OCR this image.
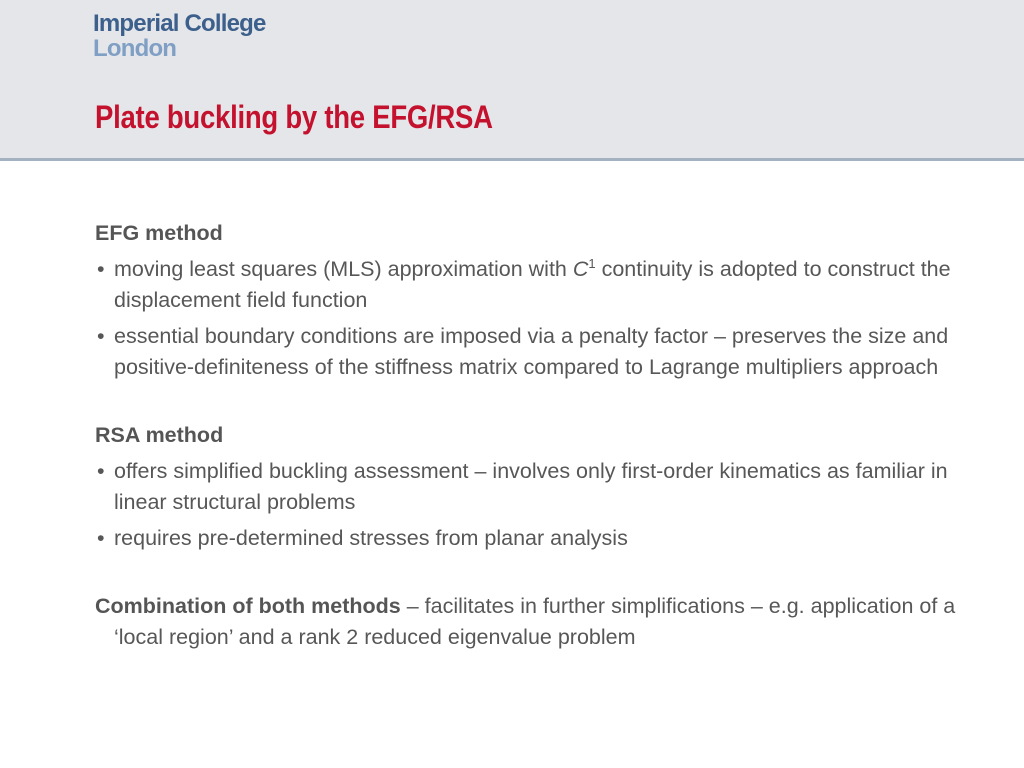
Imperial College
London
Plate buckling by the EFG/RSA
EFG method
• moving least squares (MLS) approximation with $C^1$ continuity is adopted to construct the displacement field function
• essential boundary conditions are imposed via a penalty factor – preserves the size and positive-definiteness of the stiffness matrix compared to Lagrange multipliers approach
RSA method
• offers simplified buckling assessment – involves only first-order kinematics as familiar in linear structural problems
• requires pre-determined stresses from planar analysis
Combination of both methods – facilitates in further simplifications – e.g. application of a ‘local region’ and a rank 2 reduced eigenvalue problem
